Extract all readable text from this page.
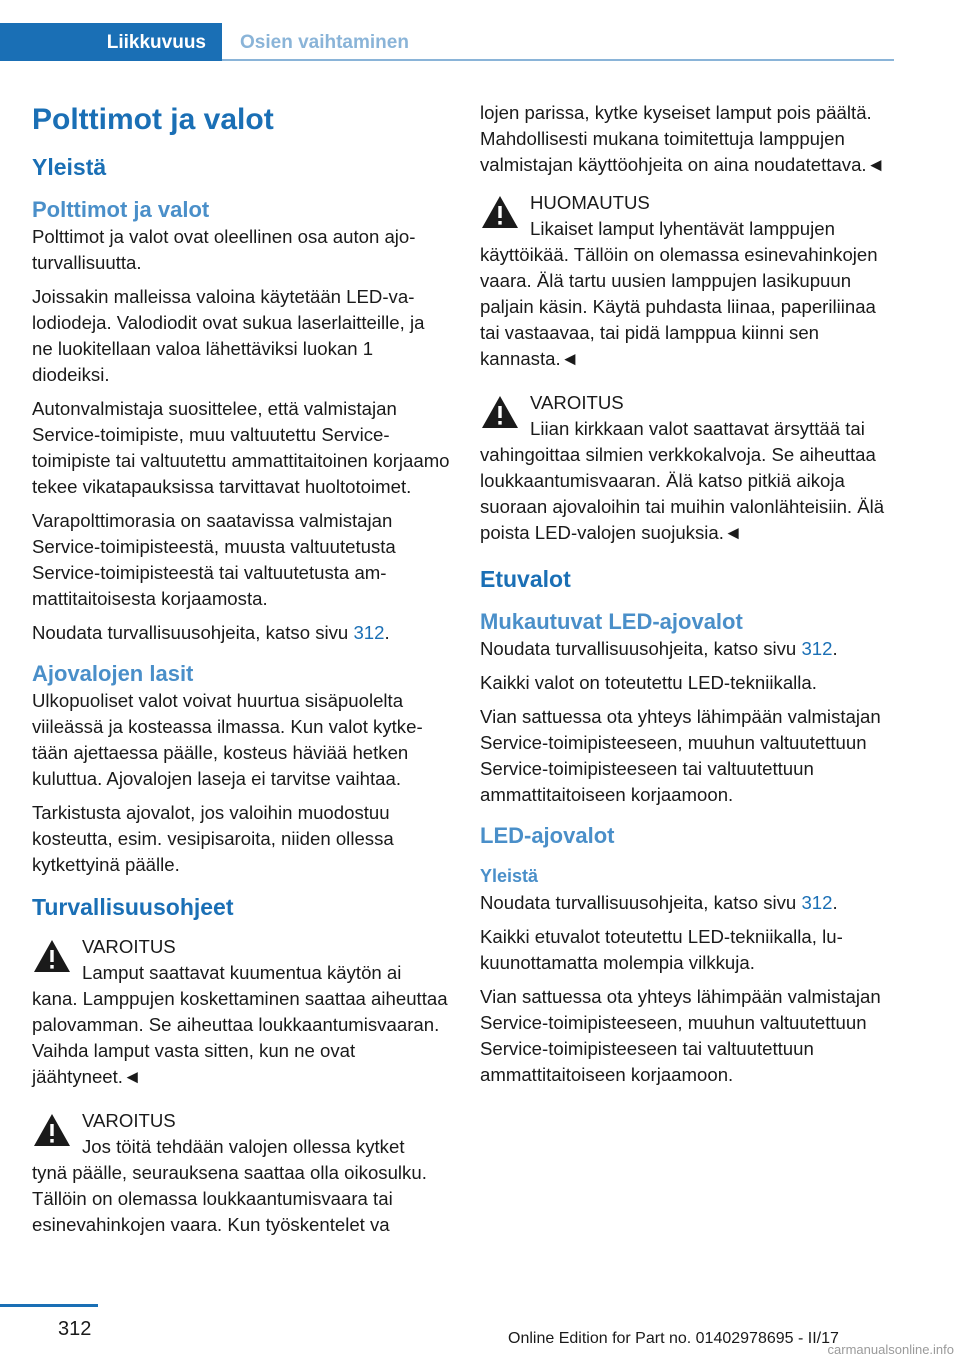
Liikkuvuus Osien vaihtaminen
Polttimot ja valot
Yleistä
Polttimot ja valot

Polttimot ja valot ovat oleellinen osa auton ajoturvallisuutta.

Joissakin malleissa valoina käytetään LED-valodiodeja. Valodiodit ovat sukua laserlaitteille, ja ne luokitellaan valoa lähettäviksi luokan 1 diodeiksi.

Autonvalmistaja suosittelee, että valmistajan Service-toimipiste, muu valtuutettu Service-toimipiste tai valtuutettu ammattitaitoinen korjaamo tekee vikatapauksissa tarvittavat huoltotoimet.

Varapolttimorasia on saatavissa valmistajan Service-toimipisteestä, muusta valtuutetusta Service-toimipisteestä tai valtuutetusta ammattitaitoisesta korjaamosta.

Noudata turvallisuusohjeita, katso sivu 312.

Ajovalojen lasit

Ulkopuoliset valot voivat huurtua sisäpuolelta viileässä ja kosteassa ilmassa. Kun valot kytketään ajettaessa päälle, kosteus häviää hetken kuluttua. Ajovalojen laseja ei tarvitse vaihtaa.

Tarkistusta ajovalot, jos valoihin muodostuu kosteutta, esim. vesipisaroita, niiden ollessa kytkettyinä päälle.

Turvallisuusohjeet
VAROITUS
Lamput saattavat kuumentua käytön ai
kana. Lamppujen koskettaminen saattaa aiheuttaa palovamman. Se aiheuttaa loukkaantumisvaaran. Vaihda lamput vasta sitten, kun ne ovat jäähtyneet.◄
VAROITUS
Jos töitä tehdään valojen ollessa kytket
tynä päälle, seurauksena saattaa olla oikosulku. Tällöin on olemassa loukkaantumisvaara tai esinevahinkojen vaara. Kun työskentelet va

lojen parissa, kytke kyseiset lamput pois päältä. Mahdollisesti mukana toimitettuja lamppujen valmistajan käyttöohjeita on aina noudatettava.◄

HUOMAUTUS
Likaiset lamput lyhentävät lamppujen
käyttöikää. Tällöin on olemassa esinevahinkojen vaara. Älä tartu uusien lamppujen lasikupuun paljain käsin. Käytä puhdasta liinaa, paperiliinaa tai vastaavaa, tai pidä lamppua kiinni sen kannasta.◄
VAROITUS
Liian kirkkaan valot saattavat ärsyttää tai
vahingoittaa silmien verkkokalvoja. Se aiheuttaa loukkaantumisvaaran. Älä katso pitkiä aikoja suoraan ajovaloihin tai muihin valonlähteisiin. Älä poista LED-valojen suojuksia.◄
Etuvalot
Mukautuvat LED-ajovalot

Noudata turvallisuusohjeita, katso sivu 312.

Kaikki valot on toteutettu LED-tekniikalla.

Vian sattuessa ota yhteys lähimpään valmistajan Service-toimipisteeseen, muuhun valtuutettuun Service-toimipisteeseen tai valtuutettuun ammattitaitoiseen korjaamoon.

LED-ajovalot
Yleistä

Noudata turvallisuusohjeita, katso sivu 312.

Kaikki etuvalot toteutettu LED-tekniikalla, lukuunottamatta molempia vilkkuja.

Vian sattuessa ota yhteys lähimpään valmistajan Service-toimipisteeseen, muuhun valtuutettuun Service-toimipisteeseen tai valtuutettuun ammattitaitoiseen korjaamoon.

312	Online Edition for Part no. 01402978695 - II/17
carmanualsonline.info
